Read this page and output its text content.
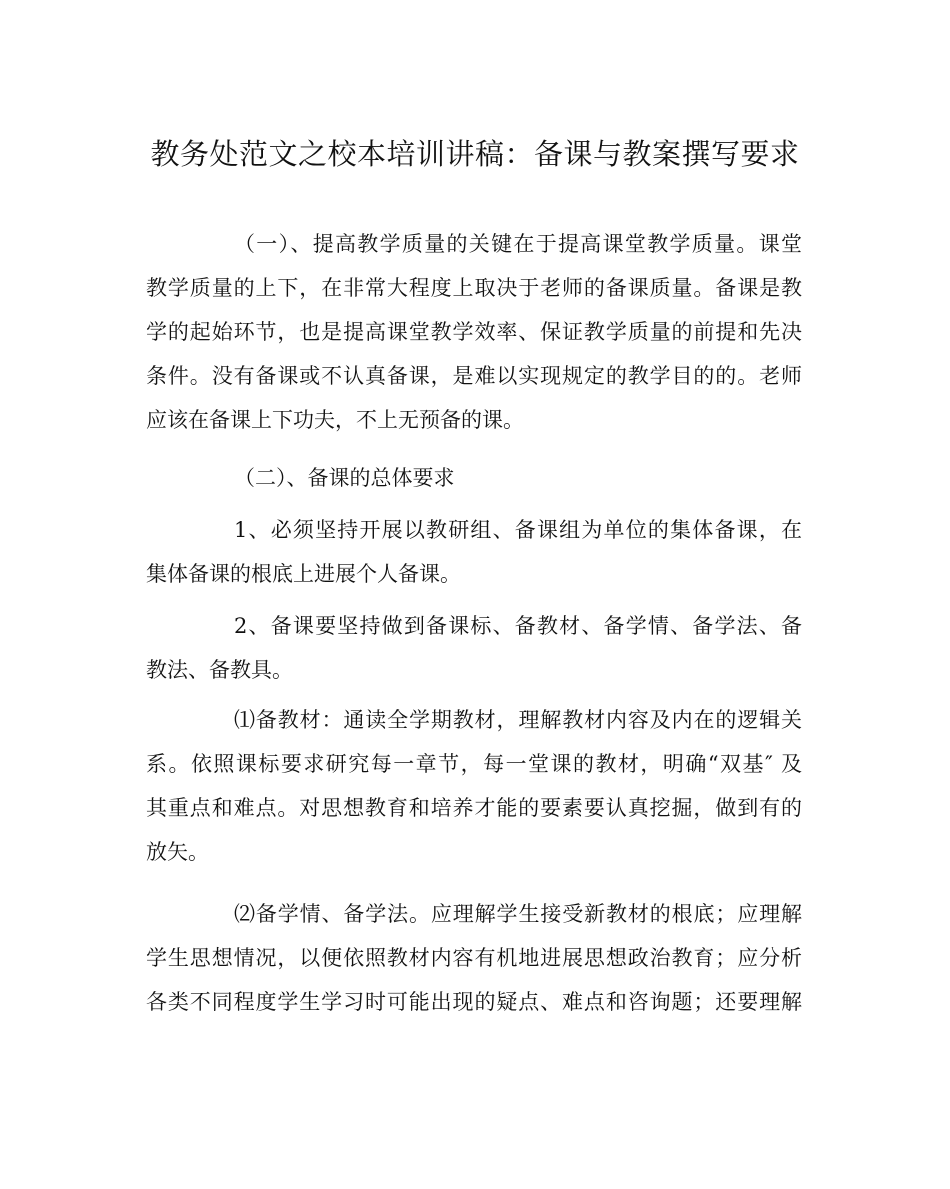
教务处范文之校本培训讲稿：备课与教案撰写要求
（一）、提高教学质量的关键在于提高课堂教学质量。课堂
教学质量的上下，在非常大程度上取决于老师的备课质量。备课是教
学的起始环节，也是提高课堂教学效率、保证教学质量的前提和先决
条件。没有备课或不认真备课，是难以实现规定的教学目的的。老师
应该在备课上下功夫，不上无预备的课。
（二）、备课的总体要求
1、必须坚持开展以教研组、备课组为单位的集体备课，在
集体备课的根底上进展个人备课。
2、备课要坚持做到备课标、备教材、备学情、备学法、备
教法、备教具。
⑴备教材：通读全学期教材，理解教材内容及内在的逻辑关
系。依照课标要求研究每一章节，每一堂课的教材，明确“双基″ 及
其重点和难点。对思想教育和培养才能的要素要认真挖掘，做到有的
放矢。
⑵备学情、备学法。应理解学生接受新教材的根底；应理解
学生思想情况，以便依照教材内容有机地进展思想政治教育；应分析
各类不同程度学生学习时可能出现的疑点、难点和咨询题；还要理解
